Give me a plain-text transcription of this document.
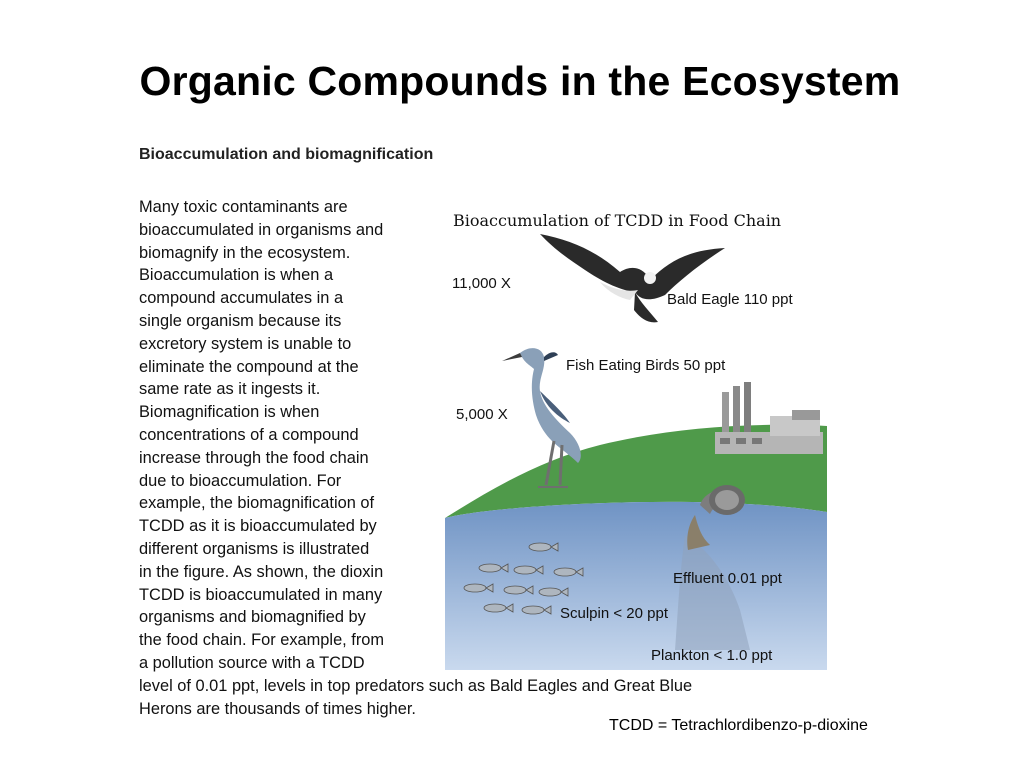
Organic Compounds in the Ecosystem
Bioaccumulation of TCDD in Food Chain
11,000 X
Bald Eagle 110 ppt
Fish Eating Birds 50 ppt
5,000 X
Effluent 0.01 ppt
Sculpin < 20 ppt
Plankton < 1.0 ppt
Bioaccumulation and biomagnification
Many toxic contaminants are
bioaccumulated in organisms and
biomagnify in the ecosystem.
Bioaccumulation is when a
compound accumulates in a
single organism because its
excretory system is unable to
eliminate the compound at the
same rate as it ingests it.
Biomagnification is when
concentrations of a compound
increase through the food chain
due to bioaccumulation. For
example, the biomagnification of
TCDD as it is bioaccumulated by
different organisms is illustrated
in the figure. As shown, the dioxin
TCDD is bioaccumulated in many
organisms and biomagnified by
the food chain. For example, from
a pollution source with a TCDD
level of 0.01 ppt, levels in top predators such as Bald Eagles and Great Blue
Herons are thousands of times higher.
TCDD = Tetrachlordibenzo-p-dioxine
